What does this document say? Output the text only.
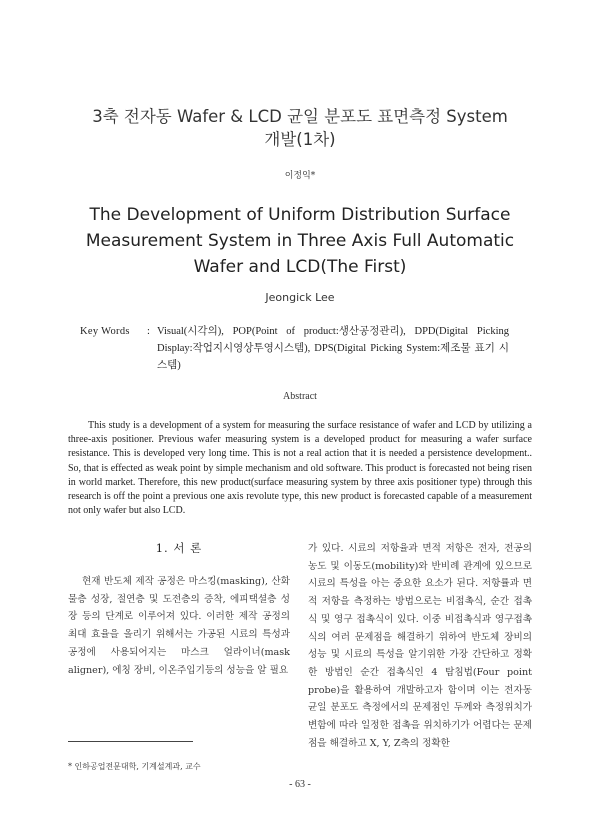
3축 전자동 Wafer & LCD 균일 분포도 표면측정 System
개발(1차)
이정익*
The Development of Uniform Distribution Surface
Measurement System in Three Axis Full Automatic
Wafer and LCD(The First)
Jeongick Lee
Key Words	: Visual(시각의), POP(Point of product:생산공정관리), DPD(Digital Picking Display:작업지시영상투영시스템), DPS(Digital Picking System:제조물 표기 시스템)
Abstract
This study is a development of a system for measuring the surface resistance of wafer and LCD by utilizing a three-axis positioner. Previous wafer measuring system is a developed product for measuring a wafer surface resistance. This is developed very long time. This is not a real action that it is needed a persistence development.. So, that is effected as weak point by simple mechanism and old software. This product is forecasted not being risen in world market. Therefore, this new product(surface measuring system by three axis positioner type) through this research is off the point a previous one axis revolute type, this new product is forecasted capable of a measurement not only wafer but also LCD.
1. 서 론
현재 반도체 제작 공정은 마스킹(masking), 산화물층 성장, 절연층 및 도전층의 증착, 에피택셜층 성장 등의 단계로 이루어져 있다. 이러한 제작 공정의 최대 효율을 올리기 위해서는 가공된 시료의 특성과 공정에 사용되어지는 마스크 얼라이너(mask aligner), 에칭 장비, 이온주입기등의 성능을 알 필요
가 있다. 시료의 저항율과 면적 저항은 전자, 전공의 농도 및 이동도(mobility)와 반비례 관계에 있으므로 시료의 특성을 아는 중요한 요소가 된다. 저항률과 면적 저항을 측정하는 방법으로는 비접촉식, 순간 접촉식 및 영구 접촉식이 있다. 이중 비접촉식과 영구접촉식의 여러 문제점을 해결하기 위하여 반도체 장비의 성능 및 시료의 특성을 알기위한 가장 간단하고 정확한 방법인 순간 접촉식인 4 탐침법(Four point probe)을 활용하여 개발하고자 함이며 이는 전자동 균일 분포도 측정에서의 문제점인 두께와 측정위치가 변함에 따라 일정한 접촉을 위치하기가 어렵다는 문제점을 해결하고 X, Y, Z축의 정확한
* 인하공업전문대학, 기계설계과, 교수
- 63 -
